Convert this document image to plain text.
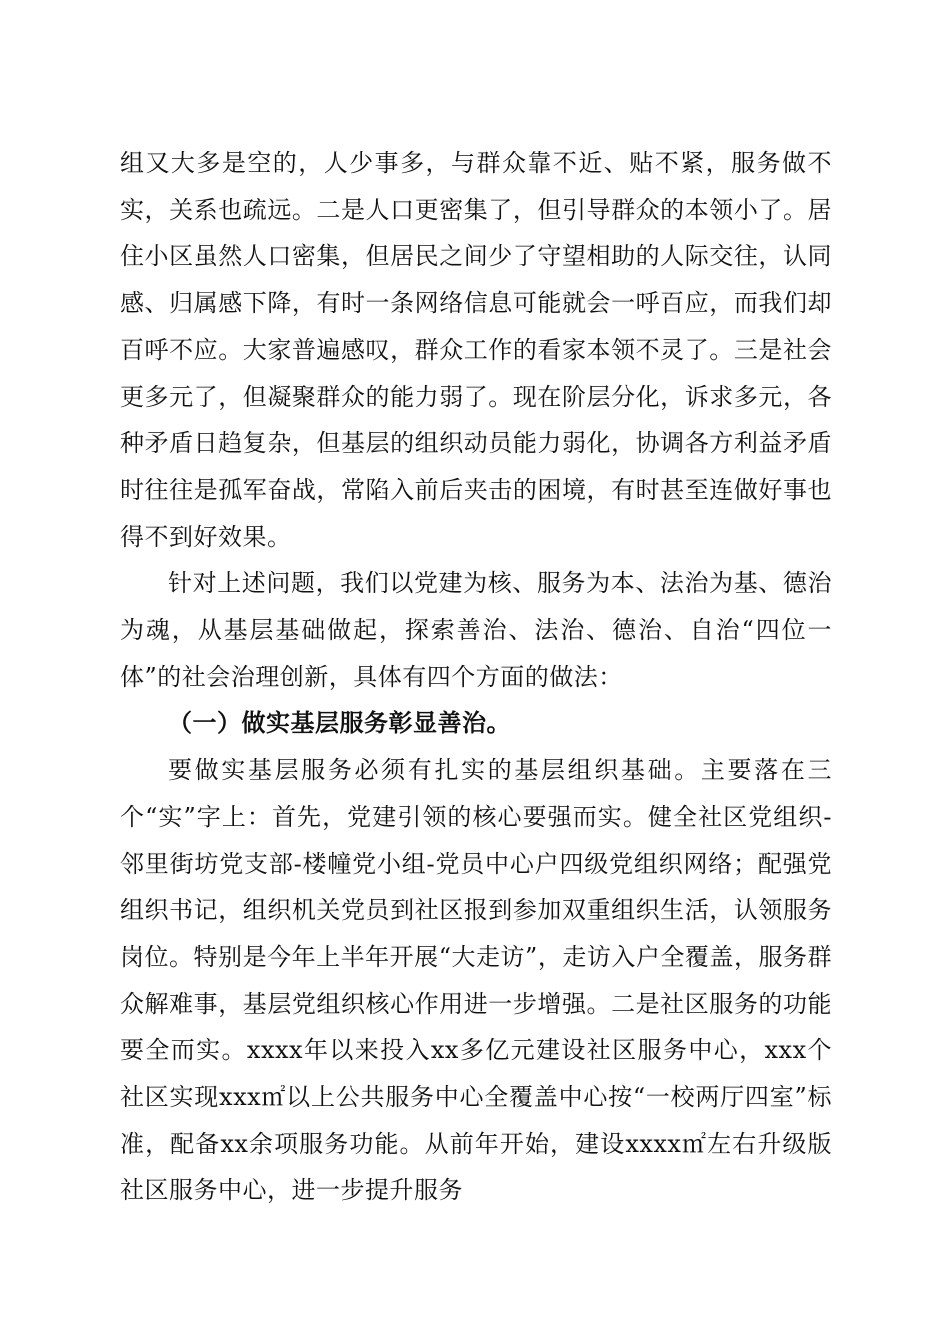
组又大多是空的，人少事多，与群众靠不近、贴不紧，服务做不实，关系也疏远。二是人口更密集了，但引导群众的本领小了。居住小区虽然人口密集，但居民之间少了守望相助的人际交往，认同感、归属感下降，有时一条网络信息可能就会一呼百应，而我们却百呼不应。大家普遍感叹，群众工作的看家本领不灵了。三是社会更多元了，但凝聚群众的能力弱了。现在阶层分化，诉求多元，各种矛盾日趋复杂，但基层的组织动员能力弱化，协调各方利益矛盾时往往是孤军奋战，常陷入前后夹击的困境，有时甚至连做好事也得不到好效果。

针对上述问题，我们以党建为核、服务为本、法治为基、德治为魂，从基层基础做起，探索善治、法治、德治、自治“四位一体”的社会治理创新，具体有四个方面的做法：

（一）做实基层服务彰显善治。

要做实基层服务必须有扎实的基层组织基础。主要落在三个“实”字上：首先，党建引领的核心要强而实。健全社区党组织-邻里街坊党支部-楼幢党小组-党员中心户四级党组织网络；配强党组织书记，组织机关党员到社区报到参加双重组织生活，认领服务岗位。特别是今年上半年开展“大走访”，走访入户全覆盖，服务群众解难事，基层党组织核心作用进一步增强。二是社区服务的功能要全而实。xxxx年以来投入xx多亿元建设社区服务中心，xxx个社区实现xxx㎡以上公共服务中心全覆盖中心按“一校两厅四室”标准，配备xx余项服务功能。从前年开始，建设xxxx㎡左右升级版社区服务中心，进一步提升服务
